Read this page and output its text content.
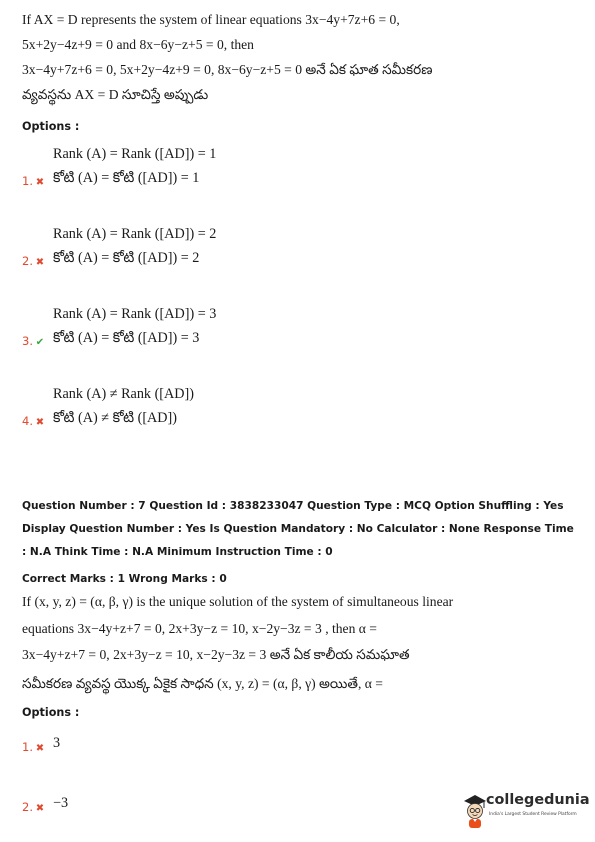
If AX = D represents the system of linear equations 3x−4y+7z+6 = 0,
5x+2y−4z+9 = 0 and 8x−6y−z+5 = 0, then
3x−4y+7z+6 = 0, 5x+2y−4z+9 = 0, 8x−6y−z+5 = 0 అనే ఏక ఘాత సమీకరణ
వ్యవస్థను AX = D సూచిస్తే అప్పుడు
Options :
Rank (A) = Rank ([AD]) = 1
1. ✖ కోటి (A) = కోటి ([AD]) = 1
Rank (A) = Rank ([AD]) = 2
2. ✖ కోటి (A) = కోటి ([AD]) = 2
Rank (A) = Rank ([AD]) = 3
3. ✔ కోటి (A) = కోటి ([AD]) = 3
Rank (A) ≠ Rank ([AD])
4. ✖ కోటి (A) ≠ కోటి ([AD])
Question Number : 7 Question Id : 3838233047 Question Type : MCQ Option Shuffling : Yes
Display Question Number : Yes Is Question Mandatory : No Calculator : None Response Time
: N.A Think Time : N.A Minimum Instruction Time : 0
Correct Marks : 1 Wrong Marks : 0
If (x, y, z) = (α, β, γ) is the unique solution of the system of simultaneous linear
equations 3x−4y+z+7 = 0, 2x+3y−z = 10, x−2y−3z = 3 , then α =
3x−4y+z+7 = 0, 2x+3y−z = 10, x−2y−3z = 3 అనే ఏక కాలీయ సమఘాత
సమీకరణ వ్యవస్థ యొక్క ఏకైక సాధన (x, y, z) = (α, β, γ) అయితే, α =
Options :
1. ✖ 3
2. ✖ −3	collegedunia
India's Largest Student Review Platform
